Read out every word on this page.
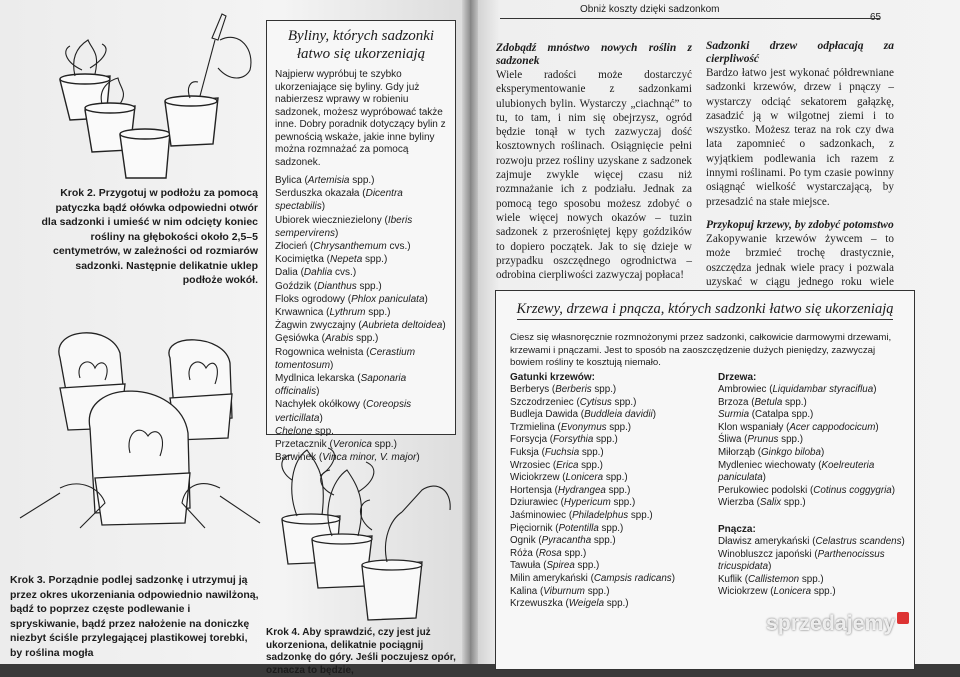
Krok 2. Przygotuj w podłożu za pomocą patyczka bądź ołówka odpowiedni otwór dla sadzonki i umieść w nim odcięty koniec rośliny na głębokości około 2,5–5 centymetrów, w zależności od rozmiarów sadzonki. Następnie delikatnie uklep podłoże wokół.

Krok 3. Porządnie podlej sadzonkę i utrzymuj ją przez okres ukorzeniania odpowiednio nawilżoną, bądź to poprzez częste podlewanie i spryskiwanie, bądź przez nałożenie na doniczkę niezbyt ściśle przylegającej plastikowej torebki, by roślina mogła

Byliny, których sadzonki łatwo się ukorzeniają

Najpierw wypróbuj te szybko ukorzeniające się byliny. Gdy już nabierzesz wprawy w robieniu sadzonek, możesz wypróbować także inne. Dobry poradnik dotyczący bylin z pewnością wskaże, jakie inne byliny można rozmnażać za pomocą sadzonek.

Bylica (Artemisia spp.)
Serduszka okazała (Dicentra spectabilis)
Ubiorek wieczniezielony (Iberis sempervirens)
Złocień (Chrysanthemum cvs.)
Kocimiętka (Nepeta spp.)
Dalia (Dahlia cvs.)
Goździk (Dianthus spp.)
Floks ogrodowy (Phlox paniculata)
Krwawnica (Lythrum spp.)
Żagwin zwyczajny (Aubrieta deltoidea)
Gęsiówka (Arabis spp.)
Rogownica wełnista (Cerastium tomentosum)
Mydlnica lekarska (Saponaria officinalis)
Nachyłek okółkowy (Coreopsis verticillata)
Chelone spp.
Przetacznik (Veronica spp.)
Barwinek (Vinca minor, V. major)
Krok 4. Aby sprawdzić, czy jest już ukorzeniona, delikatnie pociągnij sadzonkę do góry. Jeśli poczujesz opór, oznacza to będzie,
Obniż koszty dzięki sadzonkom
65
Zdobądź mnóstwo nowych roślin z sadzonek

Wiele radości może dostarczyć eksperymentowanie z sadzonkami ulubionych bylin. Wystarczy „ciachnąć” to tu, to tam, i nim się obejrzysz, ogród będzie tonął w tych zazwyczaj dość kosztownych roślinach. Osiągnięcie pełni rozwoju przez rośliny uzyskane z sadzonek zajmuje zwykle więcej czasu niż rozmnażanie ich z podziału. Jednak za pomocą tego sposobu możesz zdobyć o wiele więcej nowych okazów – tuzin sadzonek z przerośniętej kępy goździków to dopiero początek. Jak to się dzieje w przypadku oszczędnego ogrodnictwa – odrobina cierpliwości zazwyczaj popłaca!

Sadzonki drzew odpłacają za cierpliwość

Bardzo łatwo jest wykonać półdrewniane sadzonki krzewów, drzew i pnączy – wystarczy odciąć sekatorem gałązkę, zasadzić ją w wilgotnej ziemi i to wszystko. Możesz teraz na rok czy dwa lata zapomnieć o sadzonkach, z wyjątkiem podlewania ich razem z innymi roślinami. Po tym czasie powinny osiągnąć wielkość wystarczającą, by przesadzić na stałe miejsce.

Przykopuj krzewy, by zdobyć potomstwo

Zakopywanie krzewów żywcem – to może brzmieć trochę drastycznie, oszczędza jednak wiele pracy i pozwala uzyskać w ciągu jednego roku wiele

Krzewy, drzewa i pnącza, których sadzonki łatwo się ukorzeniają

Ciesz się własnoręcznie rozmnożonymi przez sadzonki, całkowicie darmowymi drzewami, krzewami i pnączami. Jest to sposób na zaoszczędzenie dużych pieniędzy, zazwyczaj bowiem rośliny te kosztują niemało.

Gatunki krzewów:
Berberys (Berberis spp.)
Szczodrzeniec (Cytisus spp.)
Budleja Dawida (Buddleia davidii)
Trzmielina (Evonymus spp.)
Forsycja (Forsythia spp.)
Fuksja (Fuchsia spp.)
Wrzosiec (Erica spp.)
Wiciokrzew (Lonicera spp.)
Hortensja (Hydrangea spp.)
Dziurawiec (Hypericum spp.)
Jaśminowiec (Philadelphus spp.)
Pięciornik (Potentilla spp.)
Ognik (Pyracantha spp.)
Róża (Rosa spp.)
Tawuła (Spirea spp.)
Milin amerykański (Campsis radicans)
Kalina (Viburnum spp.)
Krzewuszka (Weigela spp.)
Drzewa:
Ambrowiec (Liquidambar styraciflua)
Brzoza (Betula spp.)
Surmia (Catalpa spp.)
Klon wspaniały (Acer cappodocicum)
Śliwa (Prunus spp.)
Miłorząb (Ginkgo biloba)
Mydleniec wiechowaty (Koelreuteria paniculata)
Perukowiec podolski (Cotinus coggygria)
Wierzba (Salix spp.)
Pnącza:
Dławisz amerykański (Celastrus scandens)
Winobluszcz japoński (Parthenocissus tricuspidata)
Kuflik (Callistemon spp.)
Wiciokrzew (Lonicera spp.)
sprzedajemy
